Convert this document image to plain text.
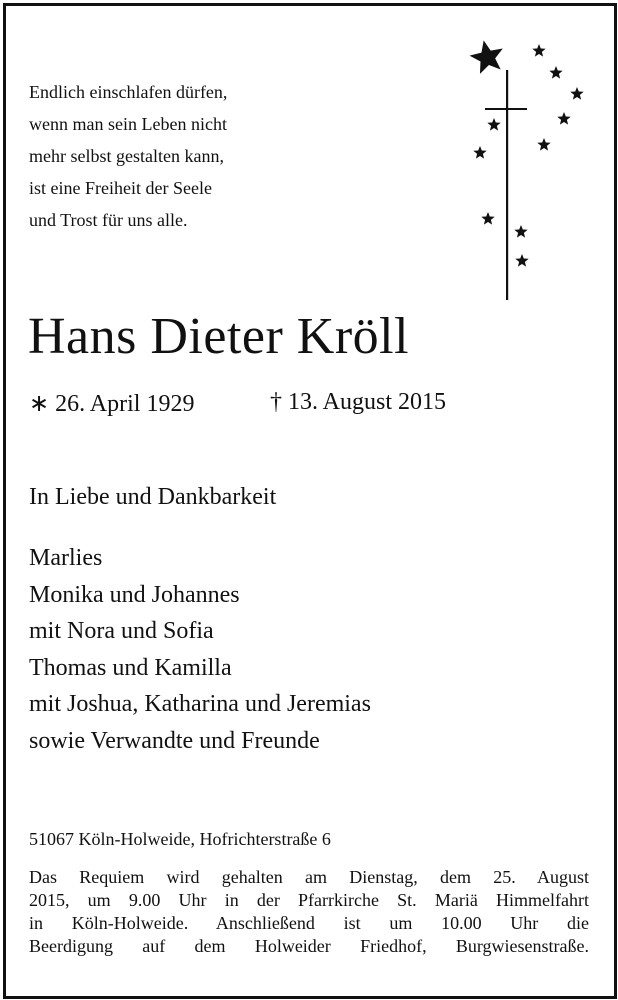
Endlich einschlafen dürfen,
wenn man sein Leben nicht
mehr selbst gestalten kann,
ist eine Freiheit der Seele
und Trost für uns alle.
Hans Dieter Kröll
∗ 26. April 1929	† 13. August 2015
In Liebe und Dankbarkeit
Marlies
Monika und Johannes
mit Nora und Sofia
Thomas und Kamilla
mit Joshua, Katharina und Jeremias
sowie Verwandte und Freunde
51067 Köln-Holweide, Hofrichterstraße 6
Das Requiem wird gehalten am Dienstag, dem 25. August
2015, um 9.00 Uhr in der Pfarrkirche St. Mariä Himmelfahrt
in Köln-Holweide. Anschließend ist um 10.00 Uhr die
Beerdigung auf dem Holweider Friedhof, Burgwiesenstraße.
